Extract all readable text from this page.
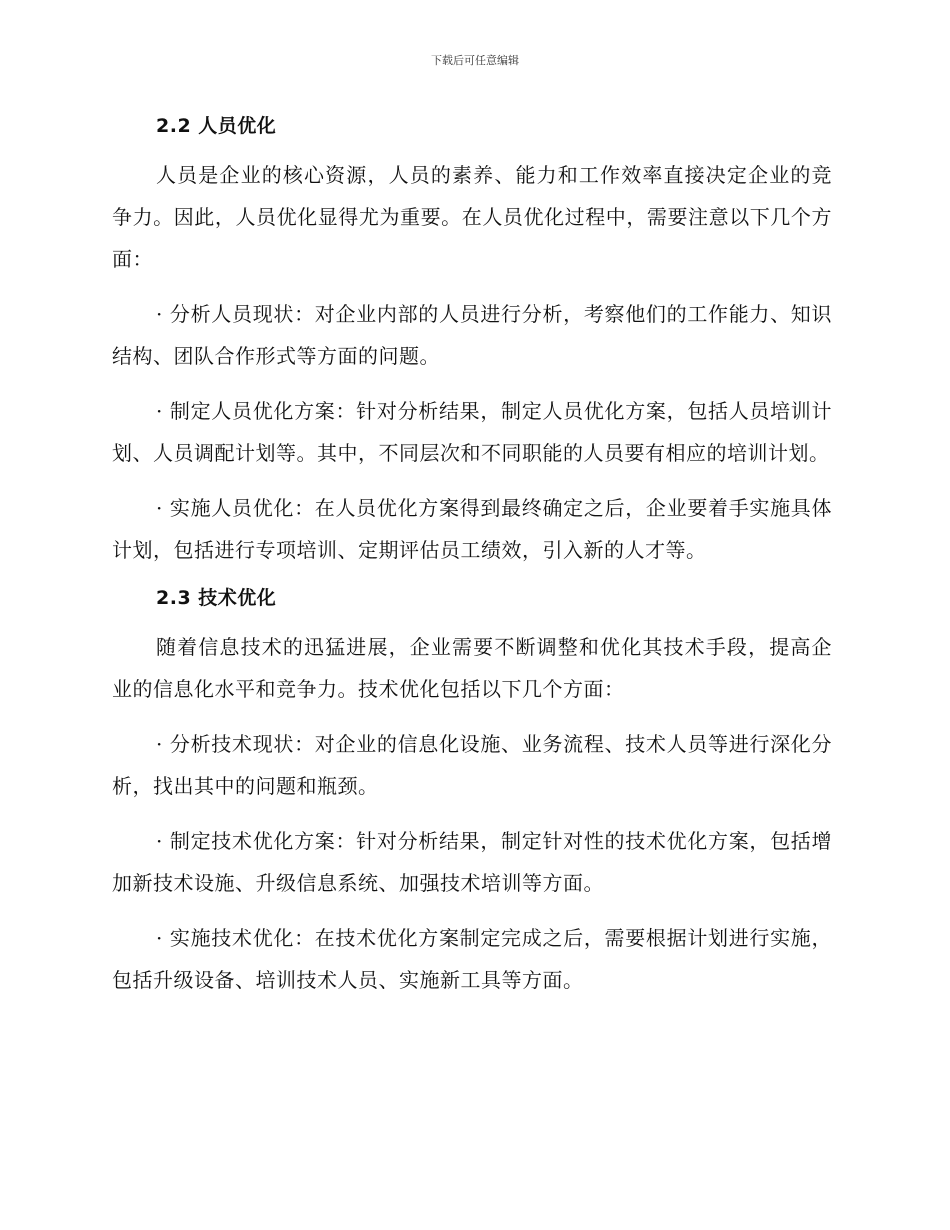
下载后可任意编辑
2.2 人员优化

人员是企业的核心资源，人员的素养、能力和工作效率直接决定企业的竞争力。因此，人员优化显得尤为重要。在人员优化过程中，需要注意以下几个方面：

· 分析人员现状：对企业内部的人员进行分析，考察他们的工作能力、知识结构、团队合作形式等方面的问题。

· 制定人员优化方案：针对分析结果，制定人员优化方案，包括人员培训计划、人员调配计划等。其中，不同层次和不同职能的人员要有相应的培训计划。

· 实施人员优化：在人员优化方案得到最终确定之后，企业要着手实施具体计划，包括进行专项培训、定期评估员工绩效，引入新的人才等。

2.3 技术优化

随着信息技术的迅猛进展，企业需要不断调整和优化其技术手段，提高企业的信息化水平和竞争力。技术优化包括以下几个方面：

· 分析技术现状：对企业的信息化设施、业务流程、技术人员等进行深化分析，找出其中的问题和瓶颈。

· 制定技术优化方案：针对分析结果，制定针对性的技术优化方案，包括增加新技术设施、升级信息系统、加强技术培训等方面。

· 实施技术优化：在技术优化方案制定完成之后，需要根据计划进行实施，包括升级设备、培训技术人员、实施新工具等方面。
